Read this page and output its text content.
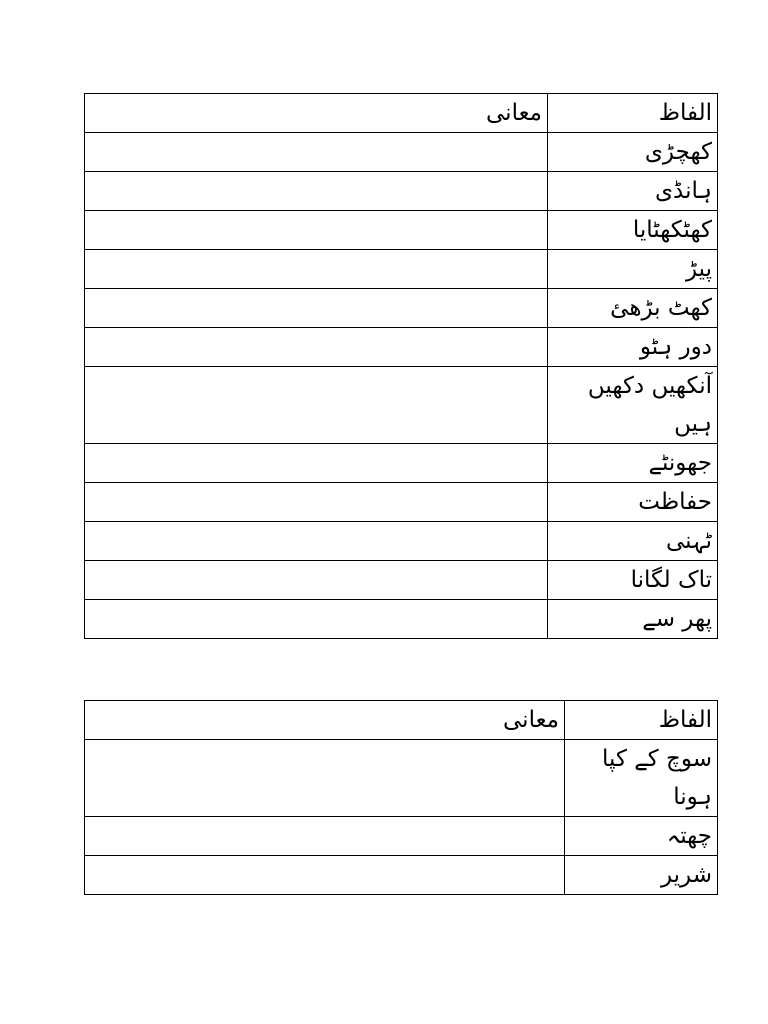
الفاظ	معانی
کھچڑی	
ہانڈی	
کھٹکھٹایا	
پیڑ	
کھٹ بڑھئ	
دور ہٹو	
آنکھیں دکھیں ہیں	
جھونٹے	
حفاظت	
ٹہنی	
تاک لگانا	
پھر سے	
الفاظ	معانی
سوچ کے کپا ہونا	
چھتہ	
شریر	
